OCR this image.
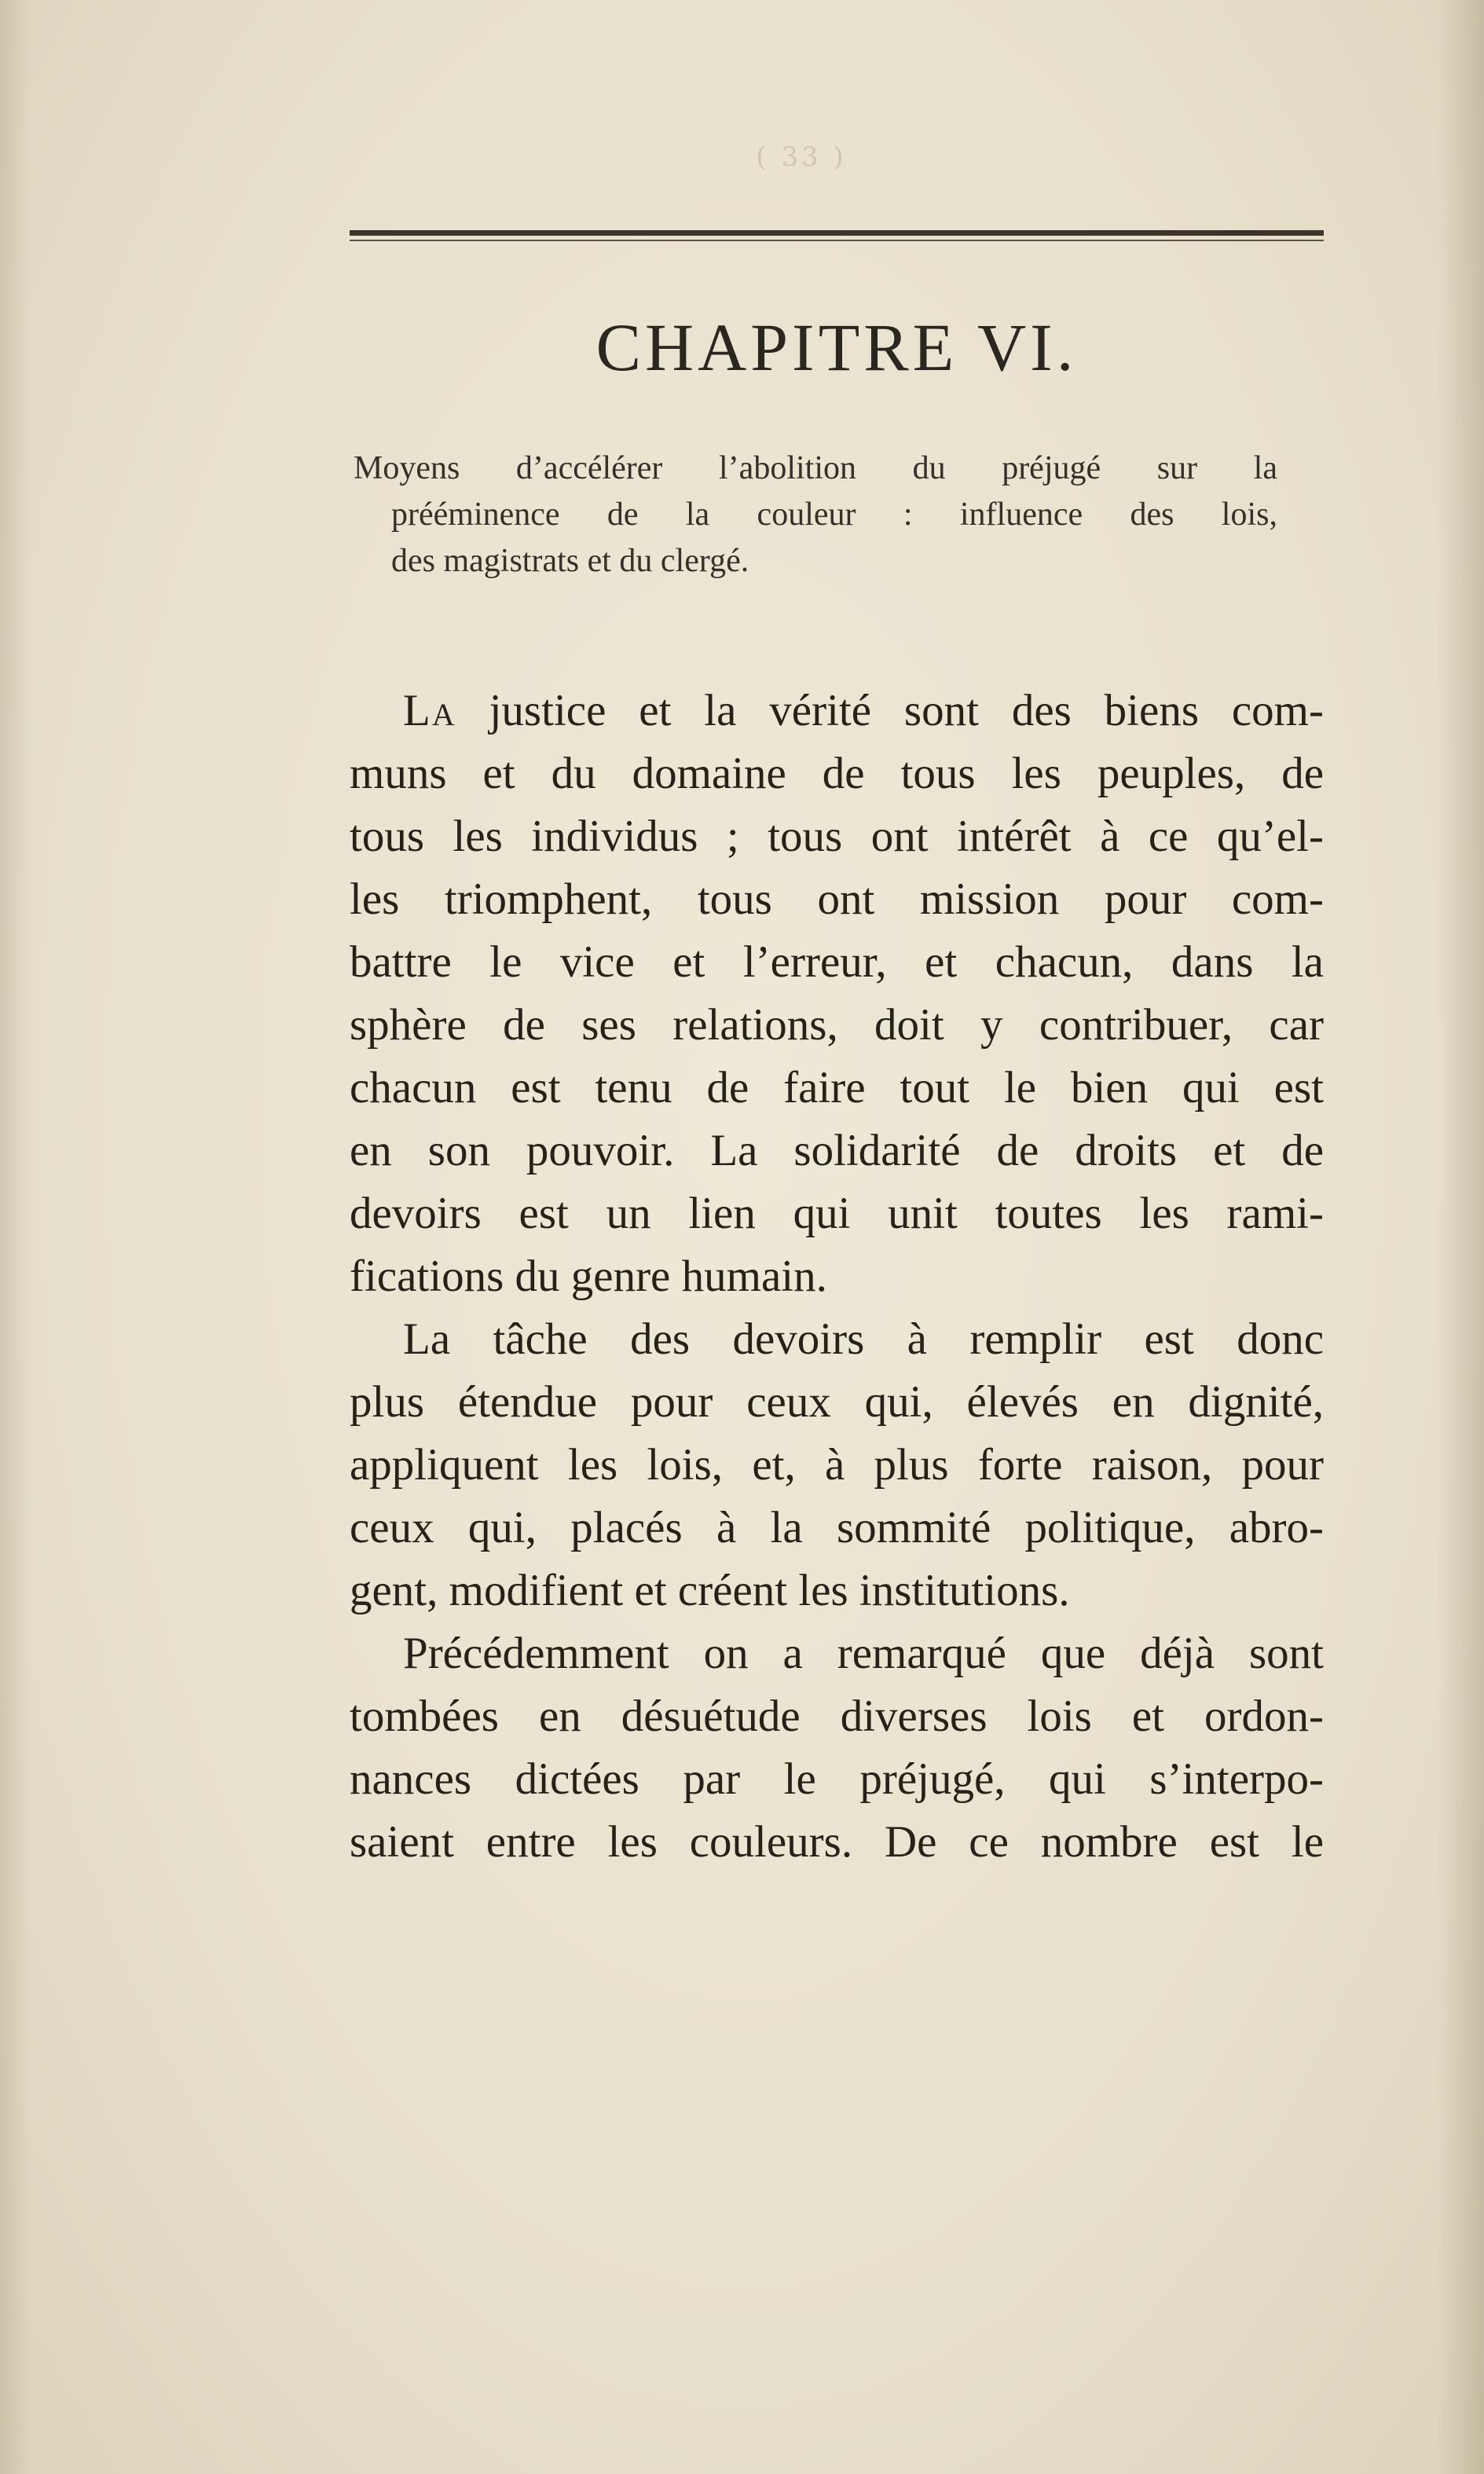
( 33 )
CHAPITRE VI.
Moyens d’accélérer l’abolition du préjugé sur la
prééminence de la couleur : influence des lois,
des magistrats et du clergé.
La justice et la vérité sont des biens com-
muns et du domaine de tous les peuples, de
tous les individus ; tous ont intérêt à ce qu’el-
les triomphent, tous ont mission pour com-
battre le vice et l’erreur, et chacun, dans la
sphère de ses relations, doit y contribuer, car
chacun est tenu de faire tout le bien qui est
en son pouvoir. La solidarité de droits et de
devoirs est un lien qui unit toutes les rami-
fications du genre humain.
La tâche des devoirs à remplir est donc
plus étendue pour ceux qui, élevés en dignité,
appliquent les lois, et, à plus forte raison, pour
ceux qui, placés à la sommité politique, abro-
gent, modifient et créent les institutions.
Précédemment on a remarqué que déjà sont
tombées en désuétude diverses lois et ordon-
nances dictées par le préjugé, qui s’interpo-
saient entre les couleurs. De ce nombre est le
